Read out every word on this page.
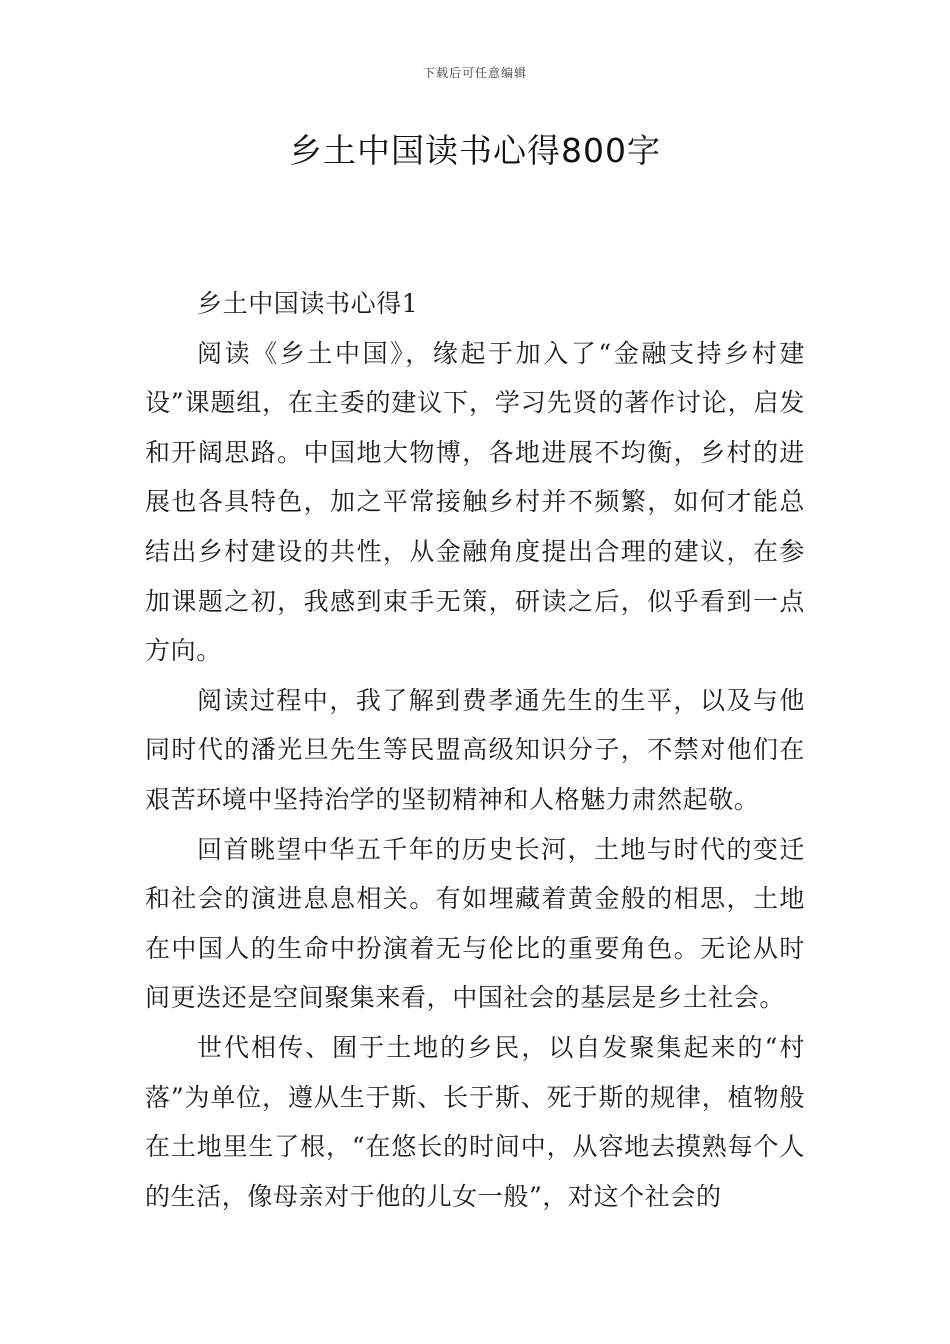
下载后可任意编辑
乡土中国读书心得800字

乡土中国读书心得1

阅读《乡土中国》，缘起于加入了“金融支持乡村建设”课题组，在主委的建议下，学习先贤的著作讨论，启发和开阔思路。中国地大物博，各地进展不均衡，乡村的进展也各具特色，加之平常接触乡村并不频繁，如何才能总结出乡村建设的共性，从金融角度提出合理的建议，在参加课题之初，我感到束手无策，研读之后，似乎看到一点方向。

阅读过程中，我了解到费孝通先生的生平，以及与他同时代的潘光旦先生等民盟高级知识分子，不禁对他们在艰苦环境中坚持治学的坚韧精神和人格魅力肃然起敬。

回首眺望中华五千年的历史长河，土地与时代的变迁和社会的演进息息相关。有如埋藏着黄金般的相思，土地在中国人的生命中扮演着无与伦比的重要角色。无论从时间更迭还是空间聚集来看，中国社会的基层是乡土社会。

世代相传、囿于土地的乡民，以自发聚集起来的“村落”为单位，遵从生于斯、长于斯、死于斯的规律，植物般在土地里生了根，“在悠长的时间中，从容地去摸熟每个人的生活，像母亲对于他的儿女一般”，对这个社会的
